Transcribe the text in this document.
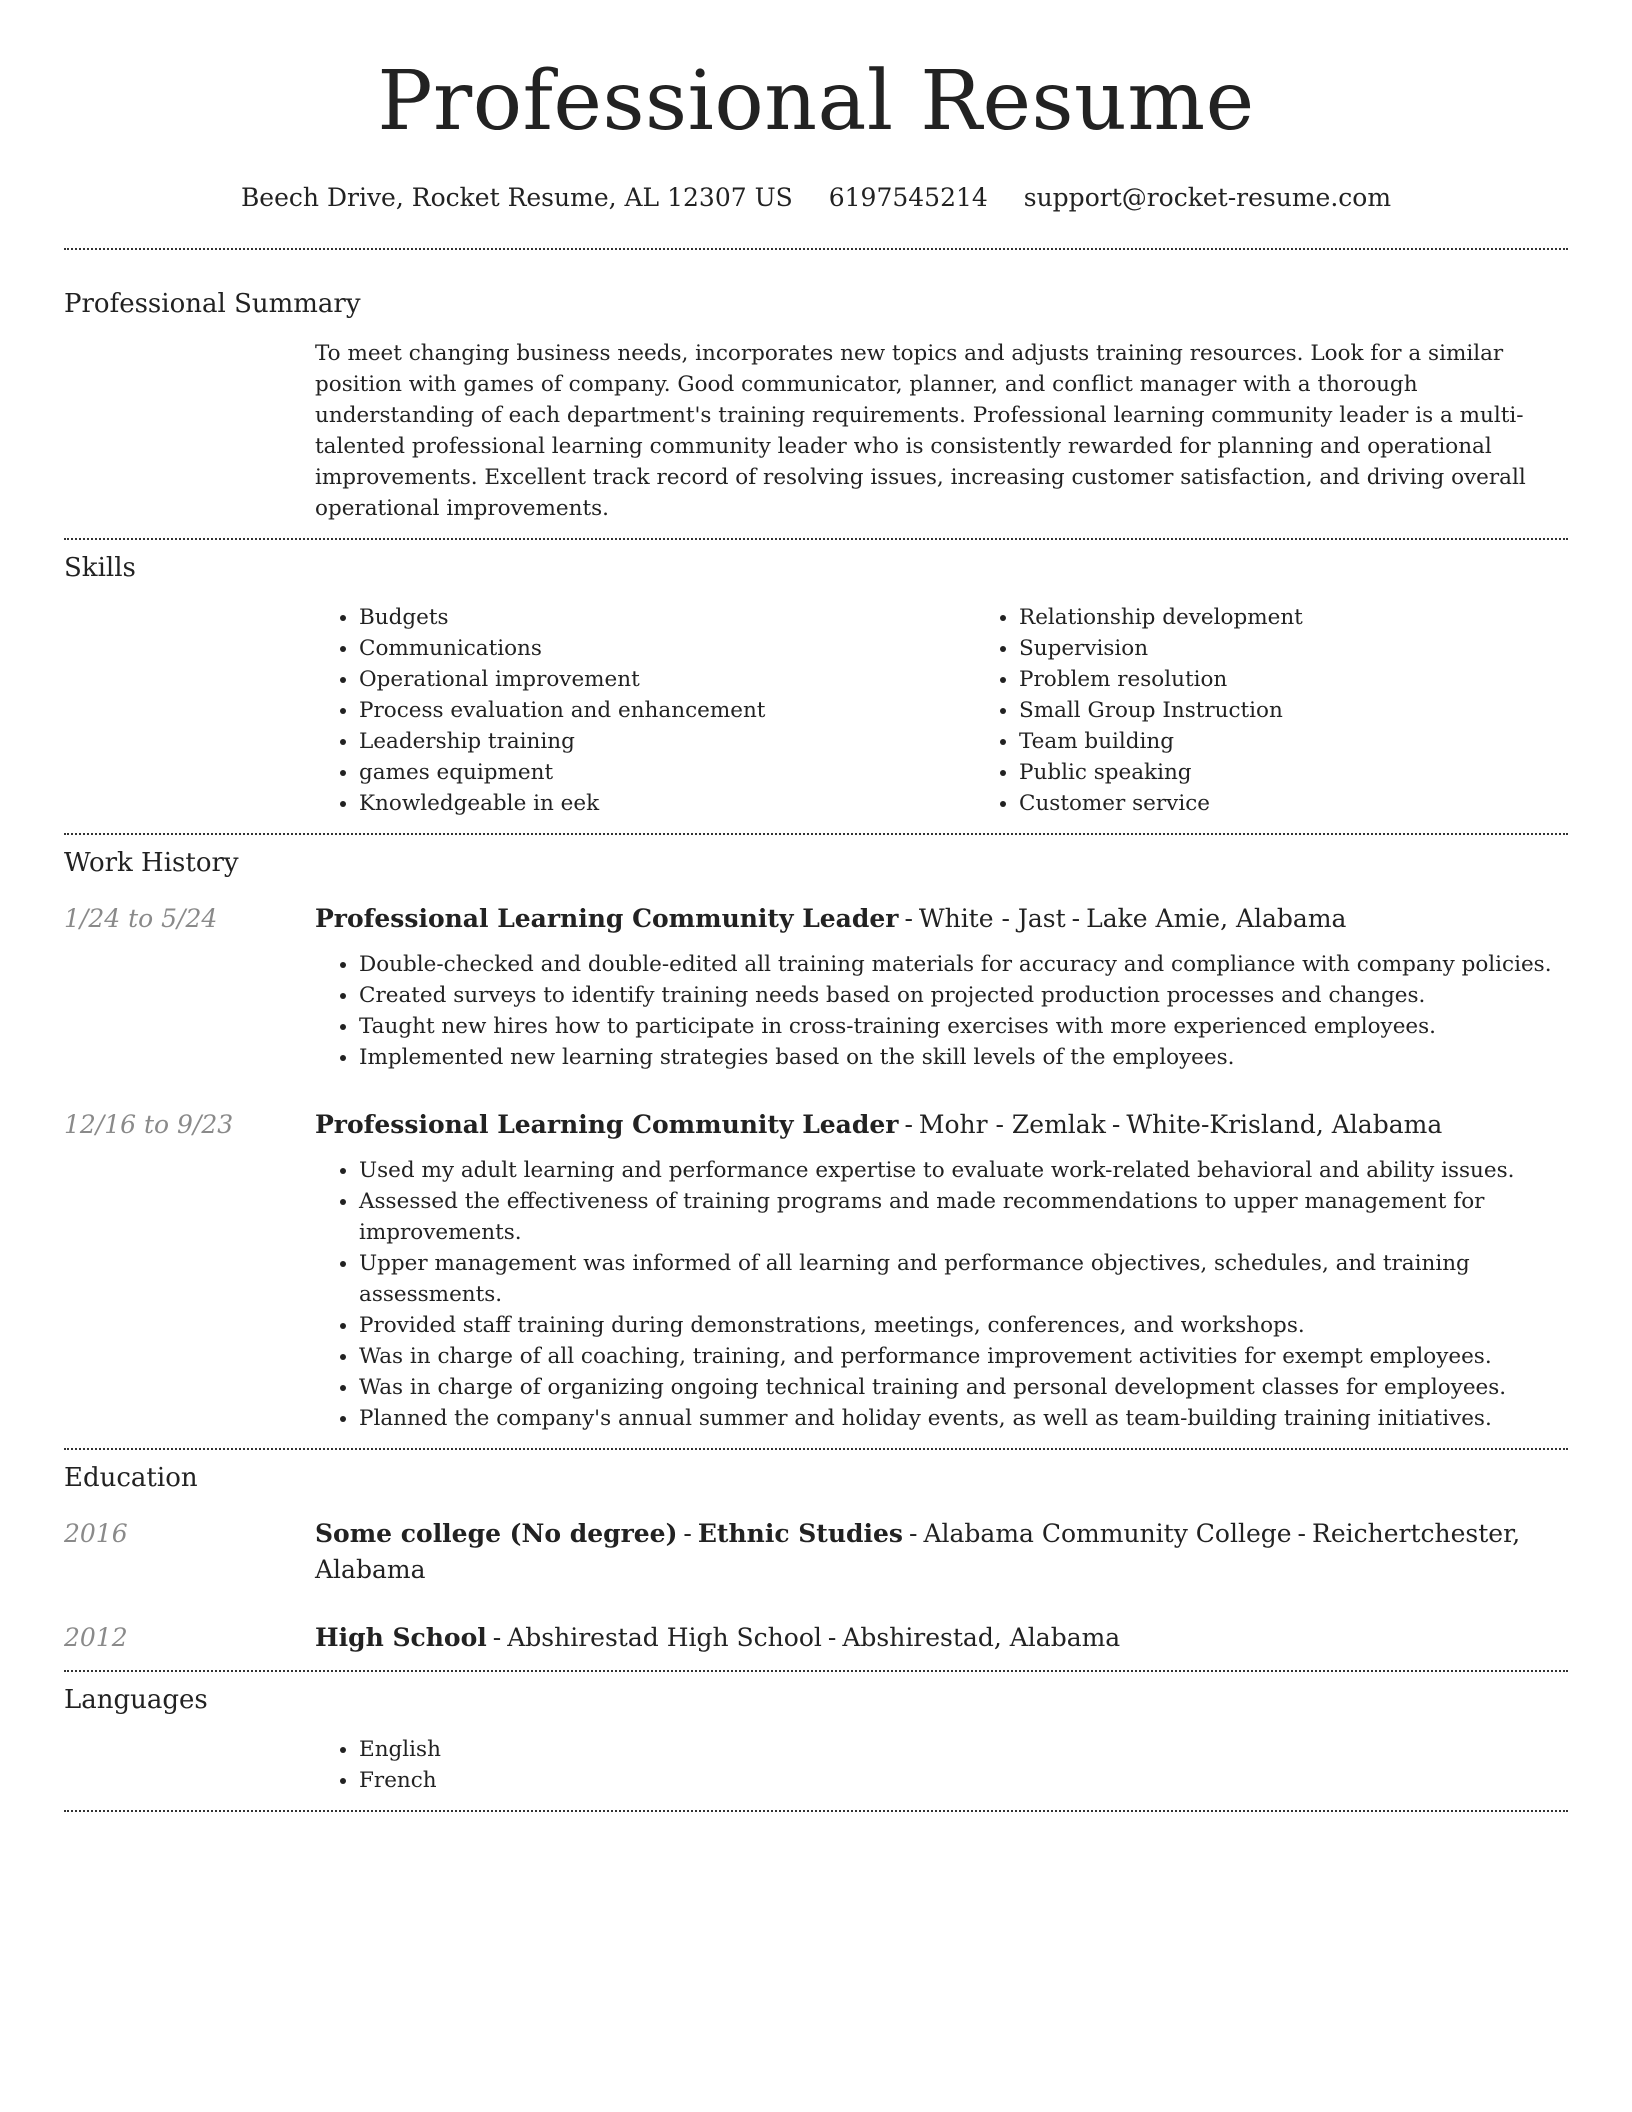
Professional Resume
Beech Drive, Rocket Resume, AL 12307 US 6197545214 support@rocket-resume.com
Professional Summary

To meet changing business needs, incorporates new topics and adjusts training resources. Look for a similar position with games of company. Good communicator, planner, and conflict manager with a thorough understanding of each department's training requirements. Professional learning community leader is a multi-talented professional learning community leader who is consistently rewarded for planning and operational improvements. Excellent track record of resolving issues, increasing customer satisfaction, and driving overall operational improvements.

Skills
• Budgets
• Communications
• Operational improvement
• Process evaluation and enhancement
• Leadership training
• games equipment
• Knowledgeable in eek
• Relationship development
• Supervision
• Problem resolution
• Small Group Instruction
• Team building
• Public speaking
• Customer service
Work History
1/24 to 5/24	Professional Learning Community Leader - White - Jast - Lake Amie, Alabama
• Double-checked and double-edited all training materials for accuracy and compliance with company policies.
• Created surveys to identify training needs based on projected production processes and changes.
• Taught new hires how to participate in cross-training exercises with more experienced employees.
• Implemented new learning strategies based on the skill levels of the employees.
12/16 to 9/23	Professional Learning Community Leader - Mohr - Zemlak - White-Krisland, Alabama
• Used my adult learning and performance expertise to evaluate work-related behavioral and ability issues.
• Assessed the effectiveness of training programs and made recommendations to upper management for improvements.
• Upper management was informed of all learning and performance objectives, schedules, and training assessments.
• Provided staff training during demonstrations, meetings, conferences, and workshops.
• Was in charge of all coaching, training, and performance improvement activities for exempt employees.
• Was in charge of organizing ongoing technical training and personal development classes for employees.
• Planned the company's annual summer and holiday events, as well as team-building training initiatives.
Education
2016	Some college (No degree) - Ethnic Studies - Alabama Community College - Reichertchester, Alabama
2012	High School - Abshirestad High School - Abshirestad, Alabama
Languages
• English
• French
